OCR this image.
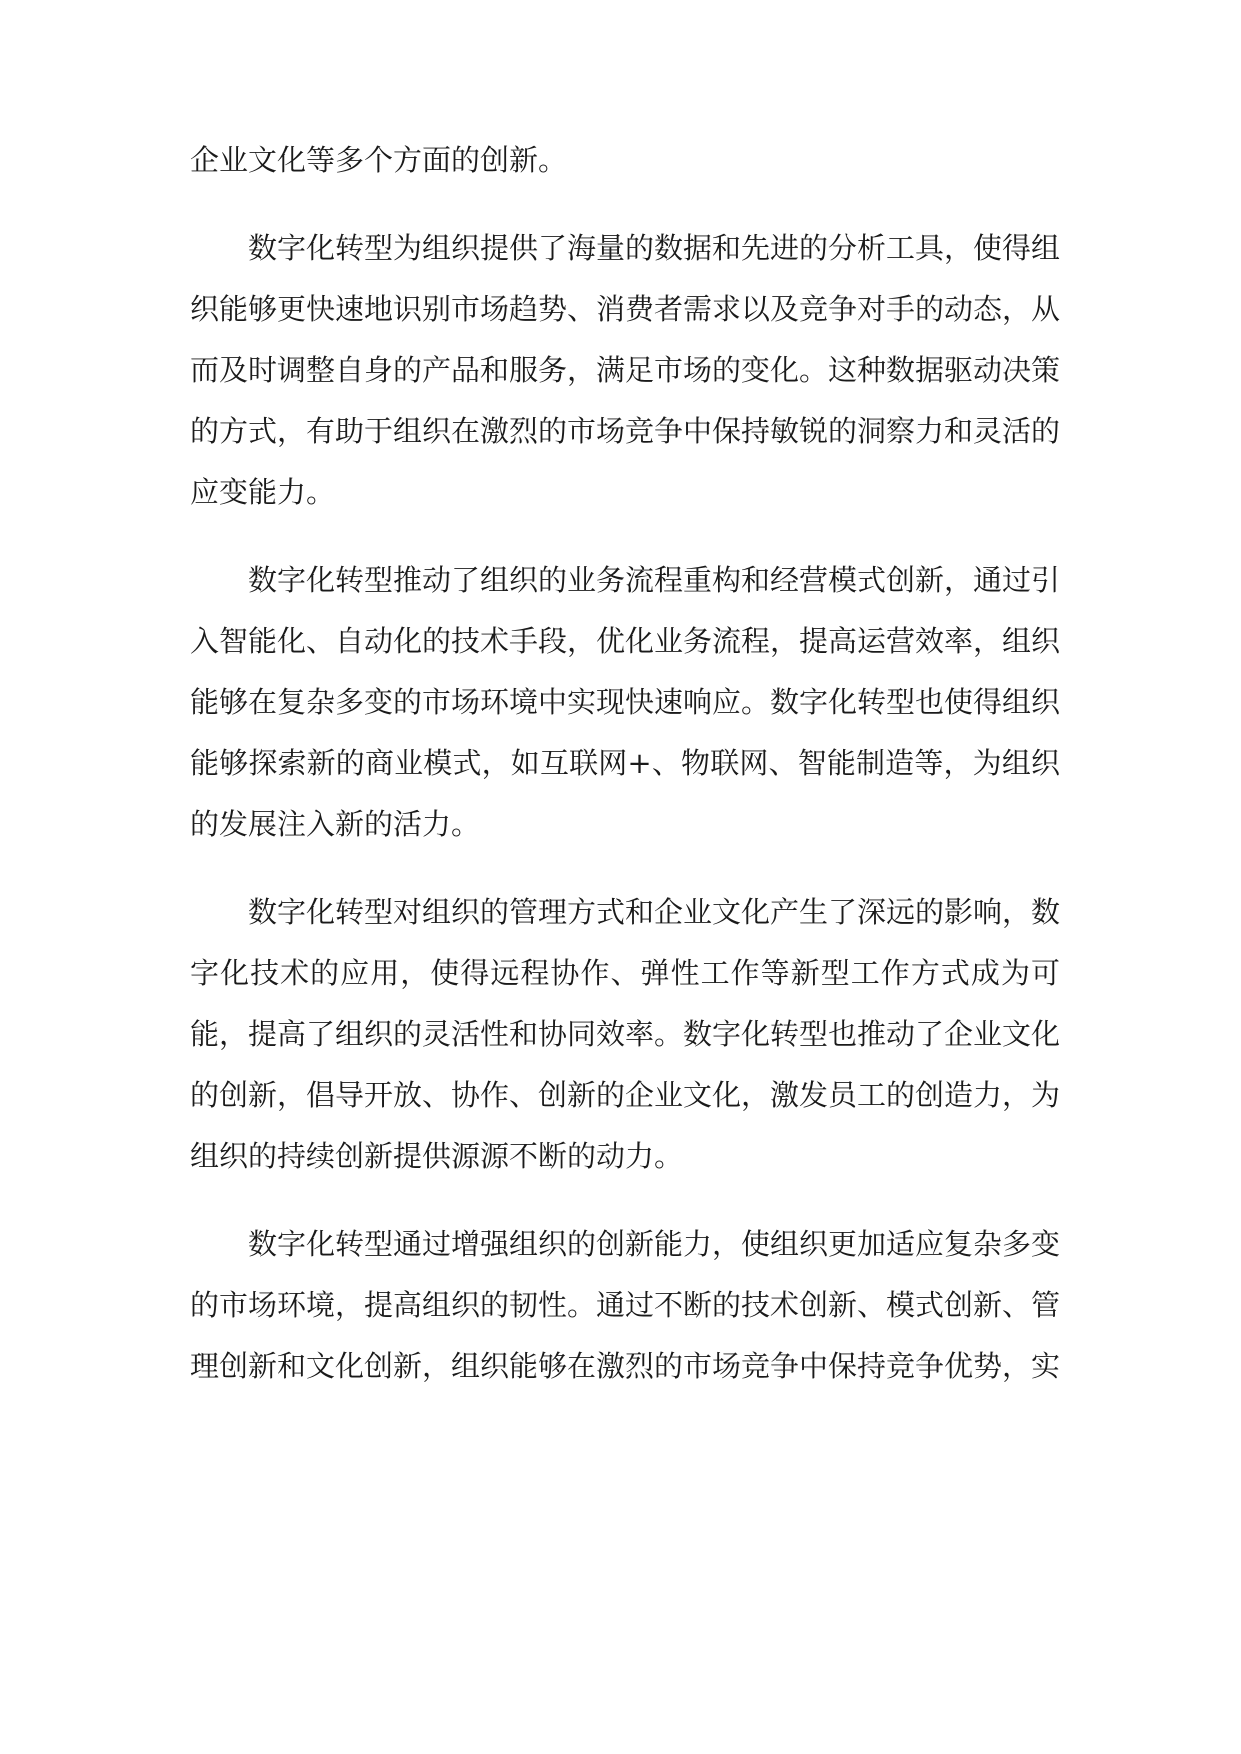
企业文化等多个方面的创新。

数字化转型为组织提供了海量的数据和先进的分析工具，使得组织能够更快速地识别市场趋势、消费者需求以及竞争对手的动态，从而及时调整自身的产品和服务，满足市场的变化。这种数据驱动决策的方式，有助于组织在激烈的市场竞争中保持敏锐的洞察力和灵活的应变能力。

数字化转型推动了组织的业务流程重构和经营模式创新，通过引入智能化、自动化的技术手段，优化业务流程，提高运营效率，组织能够在复杂多变的市场环境中实现快速响应。数字化转型也使得组织能够探索新的商业模式，如互联网+、物联网、智能制造等，为组织的发展注入新的活力。

数字化转型对组织的管理方式和企业文化产生了深远的影响，数字化技术的应用，使得远程协作、弹性工作等新型工作方式成为可能，提高了组织的灵活性和协同效率。数字化转型也推动了企业文化的创新，倡导开放、协作、创新的企业文化，激发员工的创造力，为组织的持续创新提供源源不断的动力。

数字化转型通过增强组织的创新能力，使组织更加适应复杂多变的市场环境，提高组织的韧性。通过不断的技术创新、模式创新、管理创新和文化创新，组织能够在激烈的市场竞争中保持竞争优势，实
